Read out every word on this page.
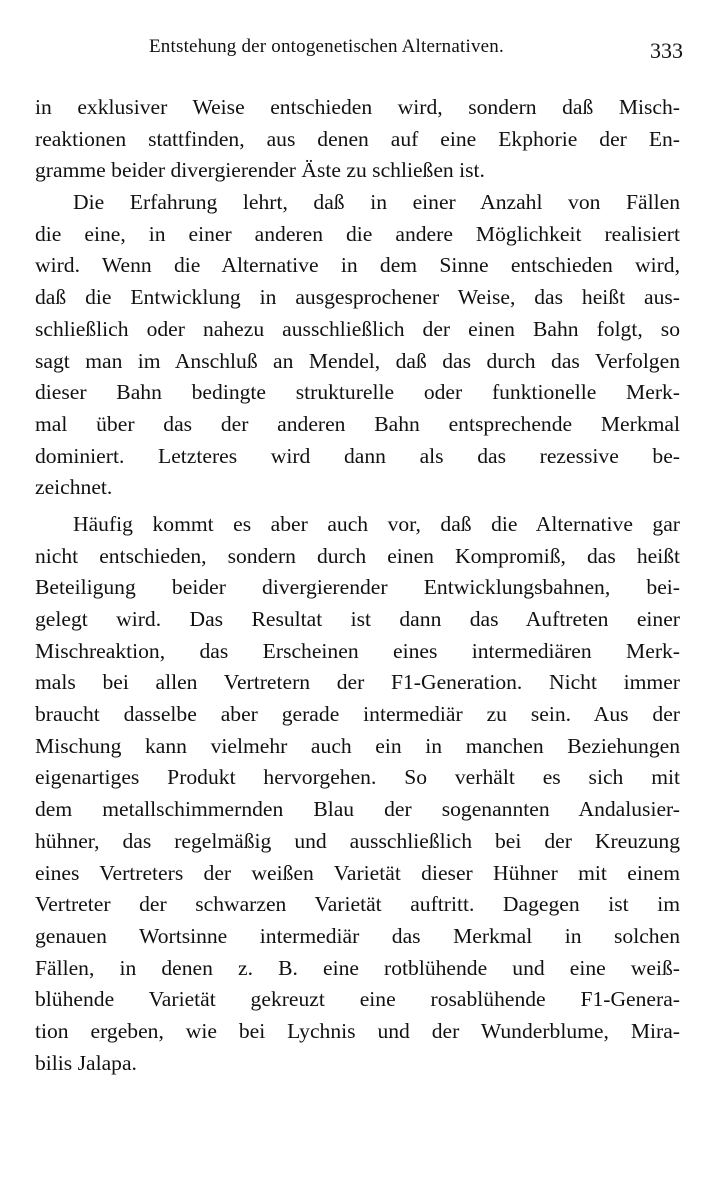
Entstehung der ontogenetischen Alternativen.	333
in exklusiver Weise entschieden wird, sondern daß Misch-
reaktionen stattfinden, aus denen auf eine Ekphorie der En-
gramme beider divergierender Äste zu schließen ist.
Die Erfahrung lehrt, daß in einer Anzahl von Fällen
die eine, in einer anderen die andere Möglichkeit realisiert
wird. Wenn die Alternative in dem Sinne entschieden wird,
daß die Entwicklung in ausgesprochener Weise, das heißt aus-
schließlich oder nahezu ausschließlich der einen Bahn folgt, so
sagt man im Anschluß an Mendel, daß das durch das Verfolgen
dieser Bahn bedingte strukturelle oder funktionelle Merk-
mal über das der anderen Bahn entsprechende Merkmal
dominiert. Letzteres wird dann als das rezessive be-
zeichnet.
Häufig kommt es aber auch vor, daß die Alternative gar
nicht entschieden, sondern durch einen Kompromiß, das heißt
Beteiligung beider divergierender Entwicklungsbahnen, bei-
gelegt wird. Das Resultat ist dann das Auftreten einer
Mischreaktion, das Erscheinen eines intermediären Merk-
mals bei allen Vertretern der F1-Generation. Nicht immer
braucht dasselbe aber gerade intermediär zu sein. Aus der
Mischung kann vielmehr auch ein in manchen Beziehungen
eigenartiges Produkt hervorgehen. So verhält es sich mit
dem metallschimmernden Blau der sogenannten Andalusier-
hühner, das regelmäßig und ausschließlich bei der Kreuzung
eines Vertreters der weißen Varietät dieser Hühner mit einem
Vertreter der schwarzen Varietät auftritt. Dagegen ist im
genauen Wortsinne intermediär das Merkmal in solchen
Fällen, in denen z. B. eine rotblühende und eine weiß-
blühende Varietät gekreuzt eine rosablühende F1-Genera-
tion ergeben, wie bei Lychnis und der Wunderblume, Mira-
bilis Jalapa.
